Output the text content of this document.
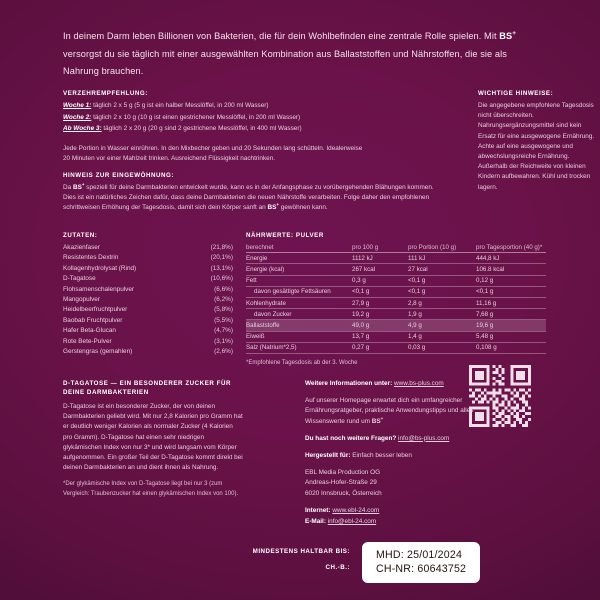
In deinem Darm leben Billionen von Bakterien, die für dein Wohlbefinden eine zentrale Rolle spielen. Mit BS+ versorgst du sie täglich mit einer ausgewählten Kombination aus Ballaststoffen und Nährstoffen, die sie als Nahrung brauchen.
VERZEHREMPFEHLUNG:
Woche 1: täglich 2 x 5 g (5 g ist ein halber Messlöffel, in 200 ml Wasser)
Woche 2: täglich 2 x 10 g (10 g ist einen gestrichener Messlöffel, in 200 ml Wasser)
Ab Woche 3: täglich 2 x 20 g (20 g sind 2 gestrichene Messlöffel, in 400 ml Wasser)
Jede Portion in Wasser einrühren. In den Mixbecher geben und 20 Sekunden lang schütteln. Idealerweise 20 Minuten vor einer Mahlzeit trinken. Ausreichend Flüssigkeit nachtrinken.
HINWEIS ZUR EINGEWÖHNUNG:
Da BS+ speziell für deine Darmbakterien entwickelt wurde, kann es in der Anfangsphase zu vorübergehenden Blähungen kommen. Dies ist ein natürliches Zeichen dafür, dass deine Darmbakterien die neuen Nährstoffe verarbeiten. Folge daher den empfohlenen schrittweisen Erhöhung der Tagesdosis, damit sich dein Körper sanft an BS+ gewöhnen kann.
WICHTIGE HINWEISE:
Die angegebene empfohlene Tagesdosis nicht überschreiten. Nahrungsergänzungsmittel sind kein Ersatz für eine ausgewogene Ernährung. Achte auf eine ausgewogene und abwechslungsreiche Ernährung. Außerhalb der Reichweite von kleinen Kindern aufbewahren. Kühl und trocken lagern.
ZUTATEN:
Akazienfaser	(21,8%)
Resistentes Dextrin	(20,1%)
Kollagenhydrolysat (Rind)	(13,1%)
D-Tagatose	(10,6%)
Flohsamenschalenpulver	(6,6%)
Mangopulver	(6,2%)
Heidelbeerfruchtpulver	(5,8%)
Baobab Fruchtpulver	(5,5%)
Hafer Beta-Glucan	(4,7%)
Rote Bete-Pulver	(3,1%)
Gerstengras (gemahlen)	(2,6%)
NÄHRWERTE: PULVER
berechnet	pro 100 g	pro Portion (10 g)	pro Tagesportion (40 g)*
Energie	1112 kJ	111 kJ	444,8 kJ
Energie (kcal)	267 kcal	27 kcal	106.8 kcal
Fett	0,3 g	<0,1 g	0,12 g
davon gesättigte Fettsäuren	<0,1 g	<0,1 g	<0,1 g
Kohlenhydrate	27,9 g	2,8 g	11,16 g
davon Zucker	19,2 g	1,9 g	7,68 g
Ballaststoffe	49,0 g	4,9 g	19,6 g
Eiweiß	13,7 g	1,4 g	5,48 g
Salz (Natrium*2,5)	0,27 g	0,03 g	0,108 g
*Empfohlene Tagesdosis ab der 3. Woche
D-TAGATOSE — EIN BESONDERER ZUCKER FÜR DEINE DARMBAKTERIEN
D-Tagatose ist ein besonderer Zucker, der von deinen Darmbakterien geliebt wird. Mit nur 2,8 Kalorien pro Gramm hat er deutlich weniger Kalorien als normaler Zucker (4 Kalorien pro Gramm). D-Tagatose hat einen sehr niedrigen glykämischen Index von nur 3* und wird langsam vom Körper aufgenommen. Ein großer Teil der D-Tagatose kommt direkt bei deinen Darmbakterien an und dient ihnen als Nahrung.
*Der glykämische Index von D-Tagatose liegt bei nur 3 (zum Vergleich: Traubenzucker hat einen glykämischen Index von 100).
Weitere Informationen unter: www.bs-plus.com
Auf unserer Homepage erwartet dich ein umfangreicher Ernährungsratgeber, praktische Anwendungstipps und alles Wissenswerte rund um BS+
Du hast noch weitere Fragen? info@bs-plus.com
Hergestellt für: Einfach besser leben
EBL Media Production OG
Andreas-Hofer-Straße 29
6020 Innsbruck, Österreich
Internet: www.ebl-24.com
E-Mail: info@ebl-24.com
MINDESTENS HALTBAR BIS:
CH.-B.:
MHD: 25/01/2024
CH-NR: 60643752
